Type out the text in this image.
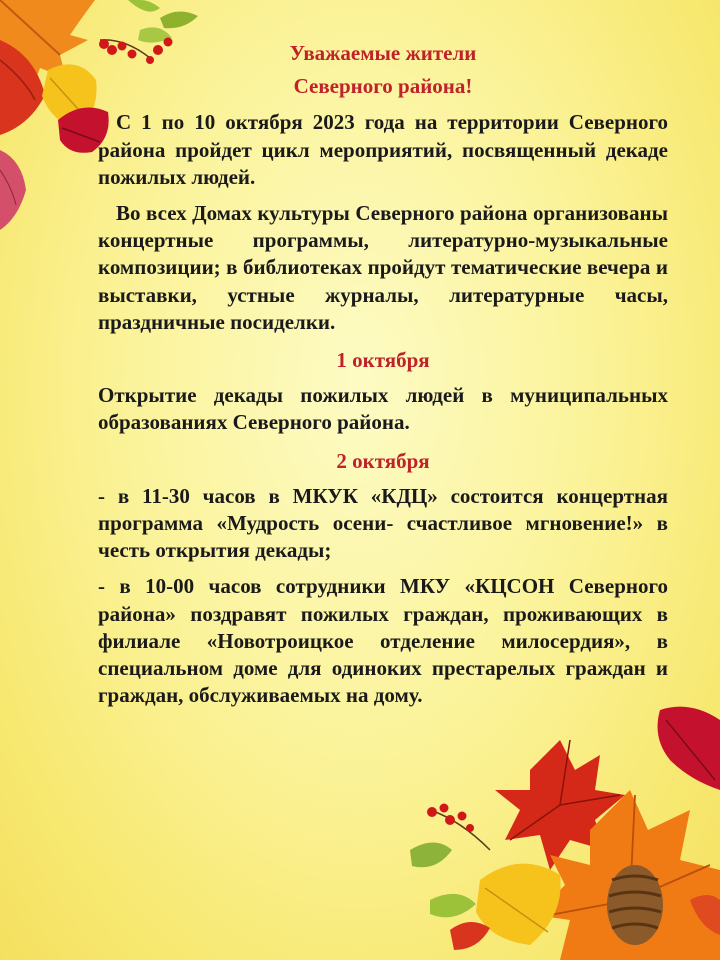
Уважаемые жители

Северного района!

С 1 по 10 октября 2023 года на территории Северного района пройдет цикл мероприятий, посвященный декаде пожилых людей.

Во всех Домах культуры Северного района организованы концертные программы, литературно-музыкальные композиции; в библиотеках пройдут тематические вечера и выставки, устные журналы, литературные часы, праздничные посиделки.

1 октября

Открытие декады пожилых людей в муниципальных образованиях Северного района.

2 октября

- в 11-30 часов в МКУК «КДЦ» состоится концертная программа «Мудрость осени- счастливое мгновение!» в честь открытия декады;

- в 10-00 часов сотрудники МКУ «КЦСОН Северного района» поздравят пожилых граждан, проживающих в филиале «Новотроицкое отделение милосердия», в специальном доме для одиноких престарелых граждан и граждан, обслуживаемых на дому.
